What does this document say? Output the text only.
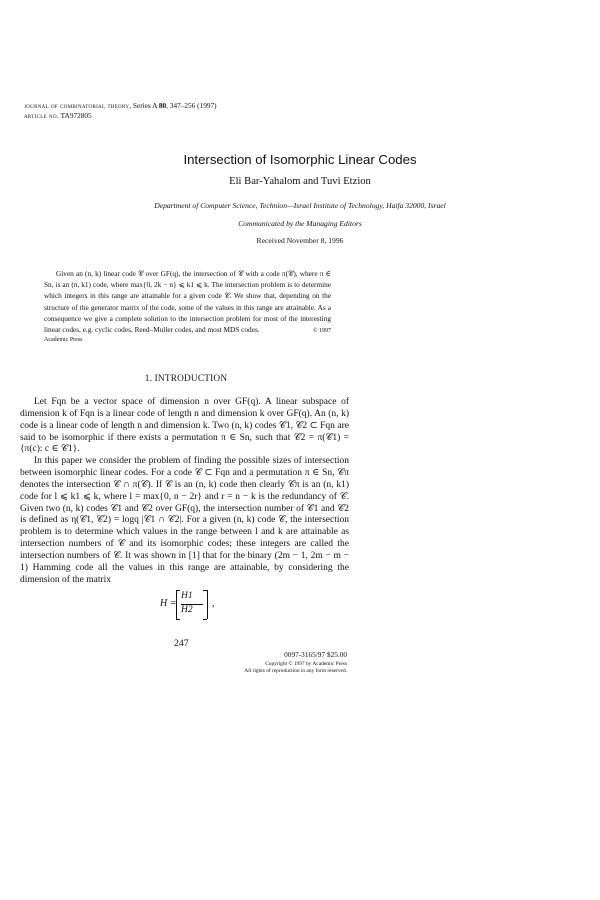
journal of combinatorial theory, Series A 80, 347–256 (1997)
article no. TA972805
Intersection of Isomorphic Linear Codes
Eli Bar-Yahalom and Tuvi Etzion
Department of Computer Science, Technion—Israel Institute of Technology, Haifa 32000, Israel
Communicated by the Managing Editors
Received November 8, 1996
Given an (n, k) linear code 𝒞 over GF(q), the intersection of 𝒞 with a code π(𝒞), where π ∈ Sn, is an (n, k1) code, where max{0, 2k − n} ⩽ k1 ⩽ k. The intersection problem is to determine which integers in this range are attainable for a given code 𝒞. We show that, depending on the structure of the generator matrix of the code, some of the values in this range are attainable. As a consequence we give a complete solution to the intersection problem for most of the interesting linear codes, e.g. cyclic codes, Reed–Muller codes, and most MDS codes.	© 1997
Academic Press
1. INTRODUCTION

Let Fqn be a vector space of dimension n over GF(q). A linear subspace of dimension k of Fqn is a linear code of length n and dimension k over GF(q). An (n, k) code is a linear code of length n and dimension k. Two (n, k) codes 𝒞1, 𝒞2 ⊂ Fqn are said to be isomorphic if there exists a permutation π ∈ Sn, such that 𝒞2 = π(𝒞1) = {π(c): c ∈ 𝒞1}.

In this paper we consider the problem of finding the possible sizes of intersection between isomorphic linear codes. For a code 𝒞 ⊂ Fqn and a permutation π ∈ Sn, 𝒞π denotes the intersection 𝒞 ∩ π(𝒞). If 𝒞 is an (n, k) code then clearly 𝒞π is an (n, k1) code for l ⩽ k1 ⩽ k, where l = max{0, n − 2r} and r = n − k is the redundancy of 𝒞. Given two (n, k) codes 𝒞1 and 𝒞2 over GF(q), the intersection number of 𝒞1 and 𝒞2 is defined as η(𝒞1, 𝒞2) = logq |𝒞1 ∩ 𝒞2|. For a given (n, k) code 𝒞, the intersection problem is to determine which values in the range between l and k are attainable as intersection numbers of 𝒞 and its isomorphic codes; these integers are called the intersection numbers of 𝒞. It was shown in [1] that for the binary (2m − 1, 2m − m − 1) Hamming code all the values in this range are attainable, by considering the dimension of the matrix

H =
H1
H2
,
247
0097-3165/97 $25.00
Copyright © 1997 by Academic Press
All rights of reproduction in any form reserved.
